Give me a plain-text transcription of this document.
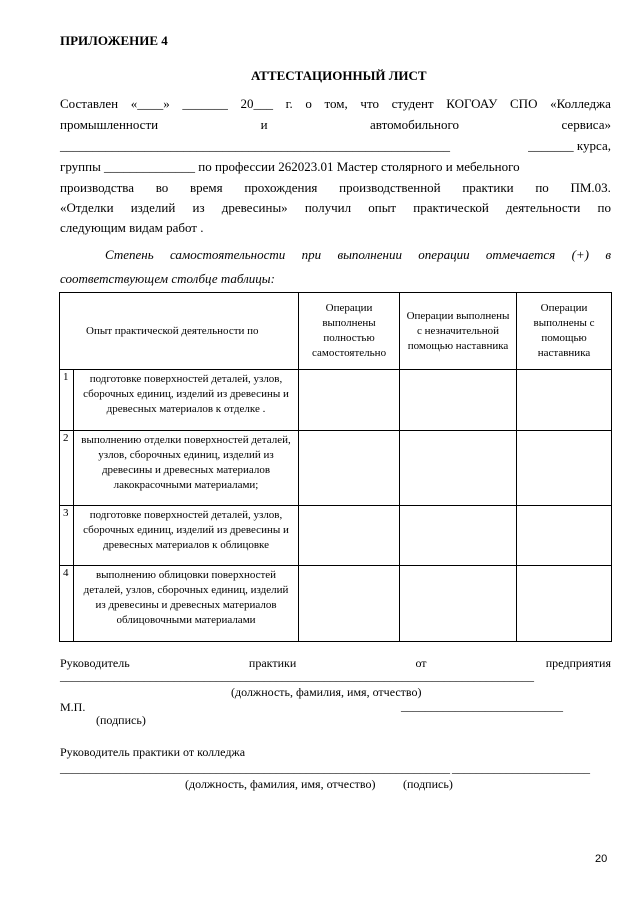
ПРИЛОЖЕНИЕ 4
АТТЕСТАЦИОННЫЙ ЛИСТ
Составлен «____» _______ 20___ г. о том, что студент КОГОАУ СПО «Колледжа
промышленности	и	автомобильного	сервиса»
____________________________________________________________	_______ курса,
группы ______________ по профессии 262023.01 Мастер столярного и мебельного
производства во время прохождения производственной практики по ПМ.03.
«Отделки изделий из древесины» получил опыт практической деятельности по
следующим видам работ .
Степень самостоятельности при выполнении операции отмечается (+) в
соответствующем столбце таблицы:
Опыт практической деятельности по		Операции выполнены полностью самостоятельно	Операции выполнены с незначительной помощью наставника	Операции выполнены с помощью наставника
1	подготовке поверхностей деталей, узлов, сборочных единиц, изделий из древесины и древесных материалов к отделке .			
2	выполнению отделки поверхностей деталей, узлов, сборочных единиц, изделий из древесины и древесных материалов лакокрасочными материалами;			
3	подготовке поверхностей деталей, узлов, сборочных единиц, изделий из древесины и древесных материалов к облицовке			
4	выполнению облицовки поверхностей деталей, узлов, сборочных единиц, изделий из древесины и древесных материалов облицовочными материалами			
Руководитель	практики	от	предприятия
_______________________________________________________________________________
(должность, фамилия, имя, отчество)
М.П.	___________________________
(подпись)
Руководитель практики от колледжа
_________________________________________________________________ _______________________
(должность, фамилия, имя, отчество) (подпись)
20
